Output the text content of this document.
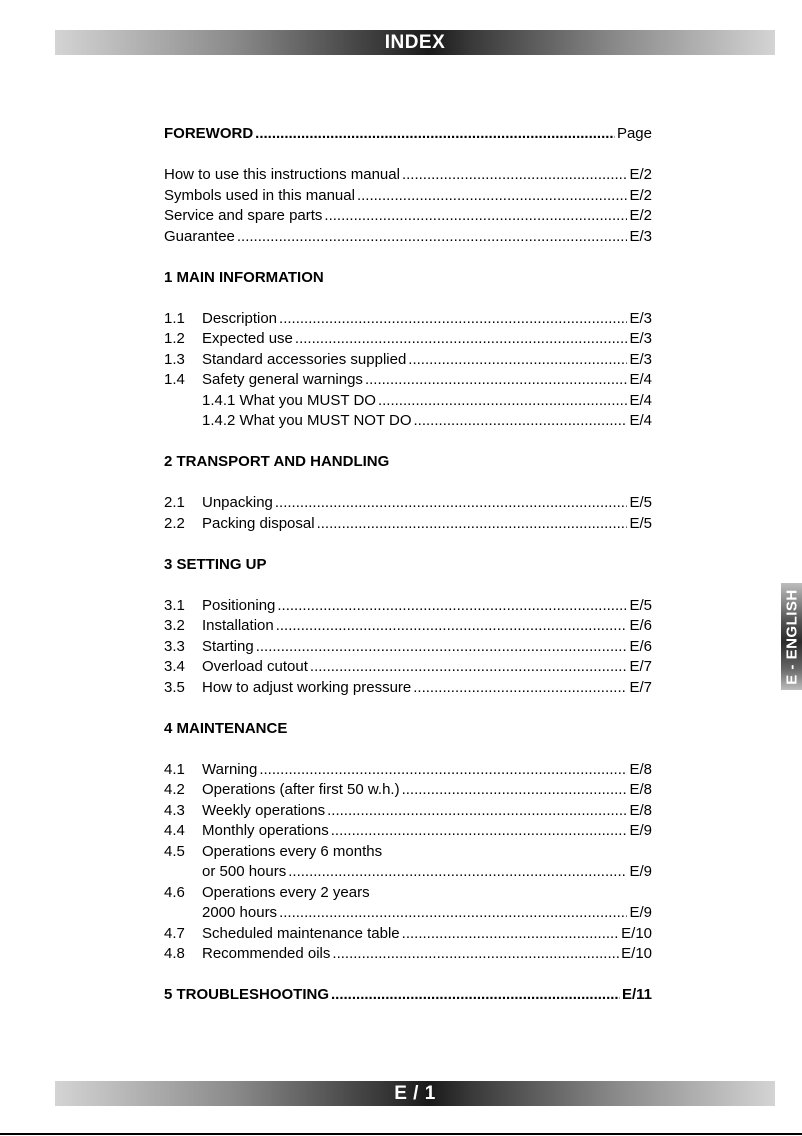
INDEX
E - ENGLISH
FOREWORD .....	Page
How to use this instructions manual .....	E/2
Symbols used in this manual .....	E/2
Service and spare parts .....	E/2
Guarantee .....	E/3
1 MAIN INFORMATION
1.1	Description .....	E/3
1.2	Expected use .....	E/3
1.3	Standard accessories supplied .....	E/3
1.4	Safety general warnings .....	E/4
1.4.1 What you MUST DO .....	E/4
1.4.2 What you MUST NOT DO .....	E/4
2 TRANSPORT AND HANDLING
2.1	Unpacking .....	E/5
2.2	Packing disposal .....	E/5
3 SETTING UP
3.1	Positioning .....	E/5
3.2	Installation .....	E/6
3.3	Starting .....	E/6
3.4	Overload cutout .....	E/7
3.5	How to adjust working pressure .....	E/7
4 MAINTENANCE
4.1	Warning .....	E/8
4.2	Operations (after first 50 w.h.) .....	E/8
4.3	Weekly operations .....	E/8
4.4	Monthly operations .....	E/9
4.5	Operations every 6 months
or 500 hours .....	E/9
4.6	Operations every 2 years
2000 hours .....	E/9
4.7	Scheduled maintenance table .....	E/10
4.8	Recommended oils .....	E/10
5 TROUBLESHOOTING .....	E/11
E / 1
